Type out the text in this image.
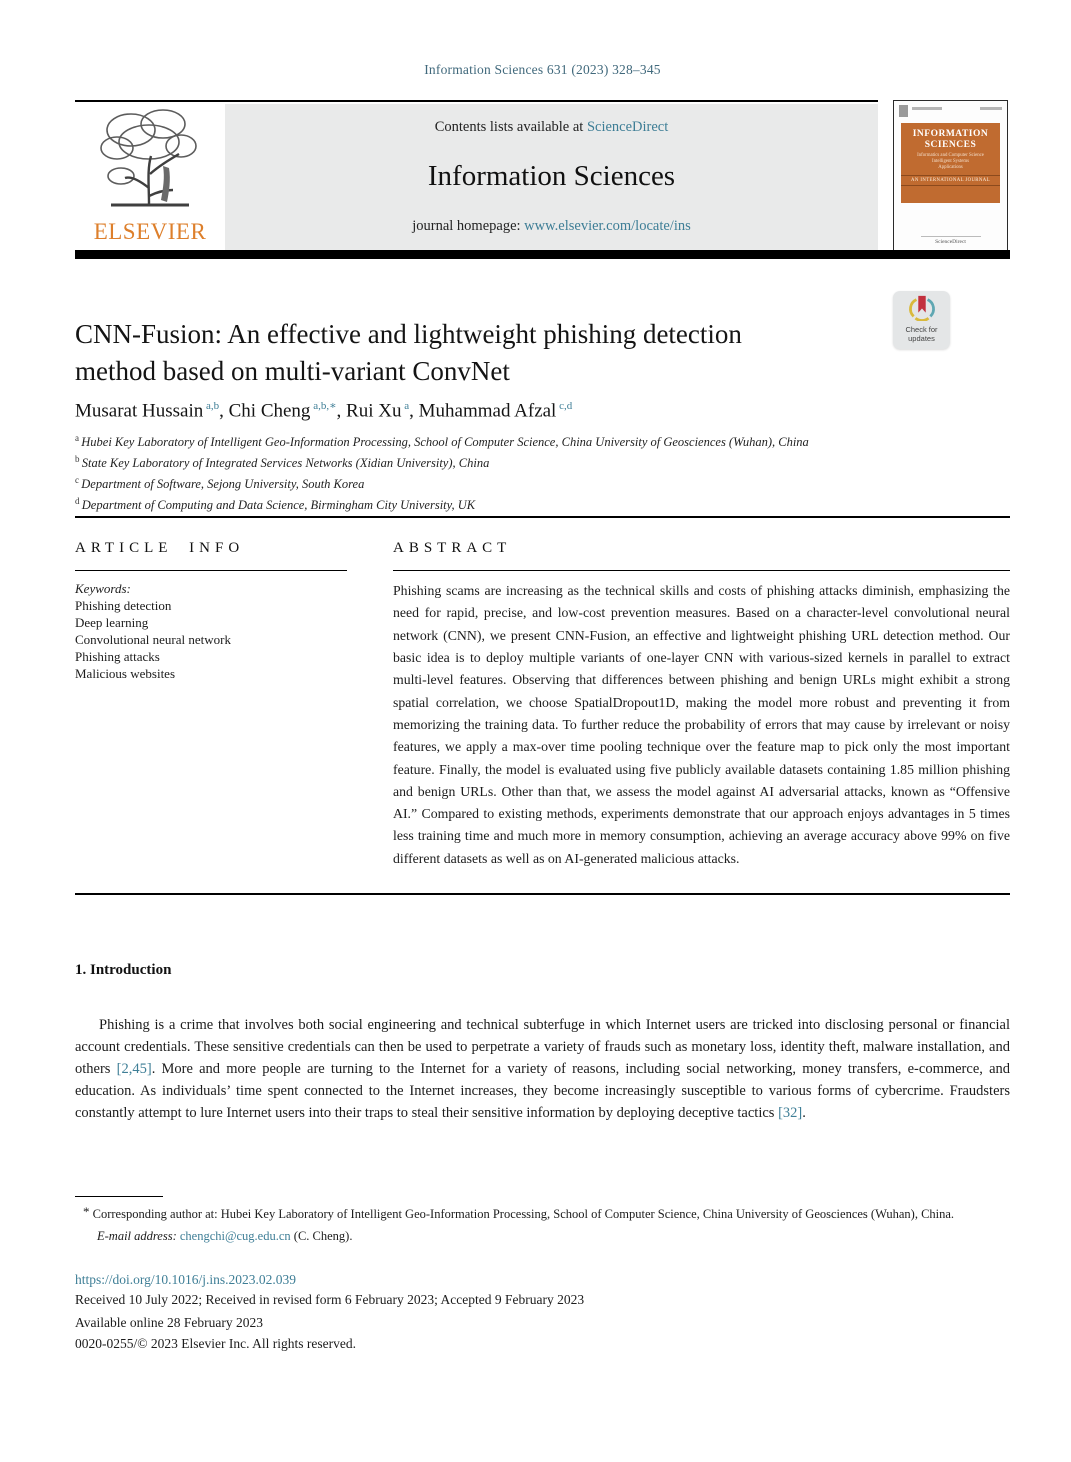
Information Sciences 631 (2023) 328–345
ELSEVIER
Contents lists available at ScienceDirect
Information Sciences
journal homepage: www.elsevier.com/locate/ins
INFORMATION
SCIENCES
Informatics and Computer Science
Intelligent Systems
Applications
AN INTERNATIONAL JOURNAL
ScienceDirect
Check for
updates
CNN-Fusion: An effective and lightweight phishing detection
method based on multi-variant ConvNet
Musarat Hussain $^{a,b}$, Chi Cheng $^{a,b,∗}$, Rui Xu $^a$, Muhammad Afzal $^{c,d}$
$^a$ Hubei Key Laboratory of Intelligent Geo-Information Processing, School of Computer Science, China University of Geosciences (Wuhan), China
$^b$ State Key Laboratory of Integrated Services Networks (Xidian University), China
$^c$ Department of Software, Sejong University, South Korea
$^d$ Department of Computing and Data Science, Birmingham City University, UK
ARTICLE INFO
Keywords:
Phishing detection
Deep learning
Convolutional neural network
Phishing attacks
Malicious websites
ABSTRACT
Phishing scams are increasing as the technical skills and costs of phishing attacks diminish, emphasizing the need for rapid, precise, and low-cost prevention measures. Based on a character-level convolutional neural network (CNN), we present CNN-Fusion, an effective and lightweight phishing URL detection method. Our basic idea is to deploy multiple variants of one-layer CNN with various-sized kernels in parallel to extract multi-level features. Observing that differences between phishing and benign URLs might exhibit a strong spatial correlation, we choose SpatialDropout1D, making the model more robust and preventing it from memorizing the training data. To further reduce the probability of errors that may cause by irrelevant or noisy features, we apply a max-over time pooling technique over the feature map to pick only the most important feature. Finally, the model is evaluated using five publicly available datasets containing 1.85 million phishing and benign URLs. Other than that, we assess the model against AI adversarial attacks, known as “Offensive AI.” Compared to existing methods, experiments demonstrate that our approach enjoys advantages in 5 times less training time and much more in memory consumption, achieving an average accuracy above 99% on five different datasets as well as on AI-generated malicious attacks.
1. Introduction
Phishing is a crime that involves both social engineering and technical subterfuge in which Internet users are tricked into disclosing personal or financial account credentials. These sensitive credentials can then be used to perpetrate a variety of frauds such as monetary loss, identity theft, malware installation, and others [2,45]. More and more people are turning to the Internet for a variety of reasons, including social networking, money transfers, e-commerce, and education. As individuals’ time spent connected to the Internet increases, they become increasingly susceptible to various forms of cybercrime. Fraudsters constantly attempt to lure Internet users into their traps to steal their sensitive information by deploying deceptive tactics [32].
* Corresponding author at: Hubei Key Laboratory of Intelligent Geo-Information Processing, School of Computer Science, China University of Geosciences (Wuhan), China.
E-mail address: chengchi@cug.edu.cn (C. Cheng).
https://doi.org/10.1016/j.ins.2023.02.039
Received 10 July 2022; Received in revised form 6 February 2023; Accepted 9 February 2023
Available online 28 February 2023
0020-0255/© 2023 Elsevier Inc. All rights reserved.
